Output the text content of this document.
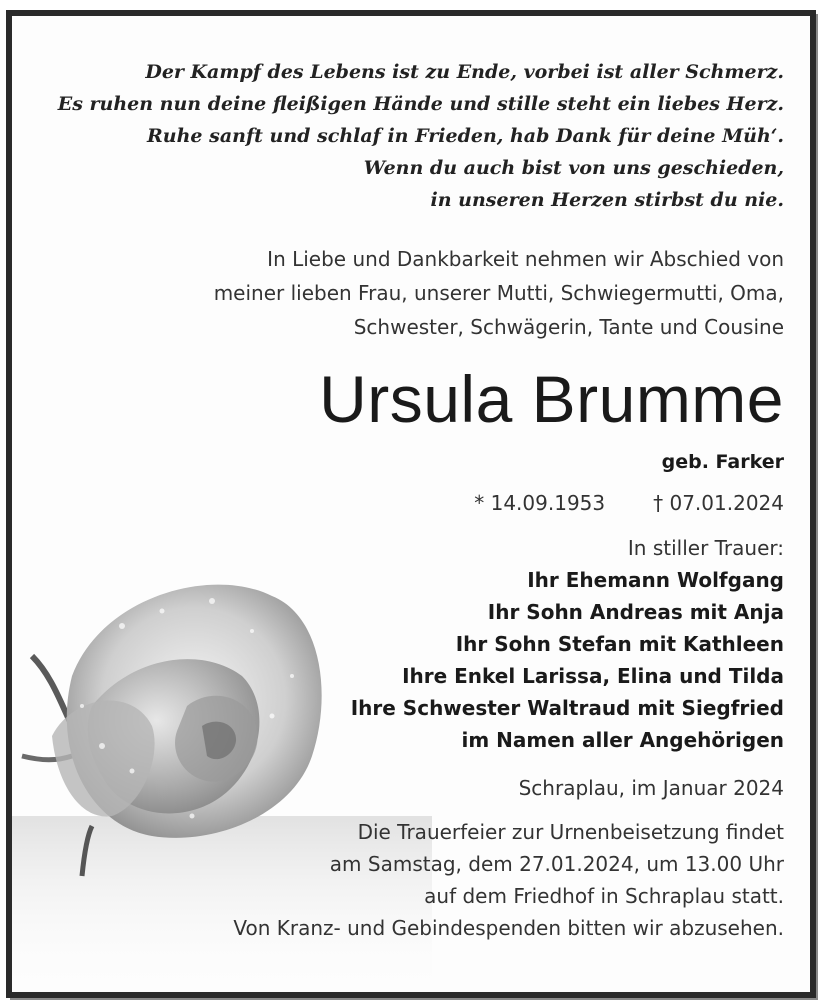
Der Kampf des Lebens ist zu Ende, vorbei ist aller Schmerz.
Es ruhen nun deine fleißigen Hände und stille steht ein liebes Herz.
Ruhe sanft und schlaf in Frieden, hab Dank für deine Müh‘.
Wenn du auch bist von uns geschieden,
in unseren Herzen stirbst du nie.
In Liebe und Dankbarkeit nehmen wir Abschied von
meiner lieben Frau, unserer Mutti, Schwiegermutti, Oma,
Schwester, Schwägerin, Tante und Cousine
Ursula Brumme
geb. Farker
* 14.09.1953 † 07.01.2024
In stiller Trauer:
Ihr Ehemann Wolfgang
Ihr Sohn Andreas mit Anja
Ihr Sohn Stefan mit Kathleen
Ihre Enkel Larissa, Elina und Tilda
Ihre Schwester Waltraud mit Siegfried
im Namen aller Angehörigen
Schraplau, im Januar 2024
Die Trauerfeier zur Urnenbeisetzung findet
am Samstag, dem 27.01.2024, um 13.00 Uhr
auf dem Friedhof in Schraplau statt.
Von Kranz- und Gebindespenden bitten wir abzusehen.
